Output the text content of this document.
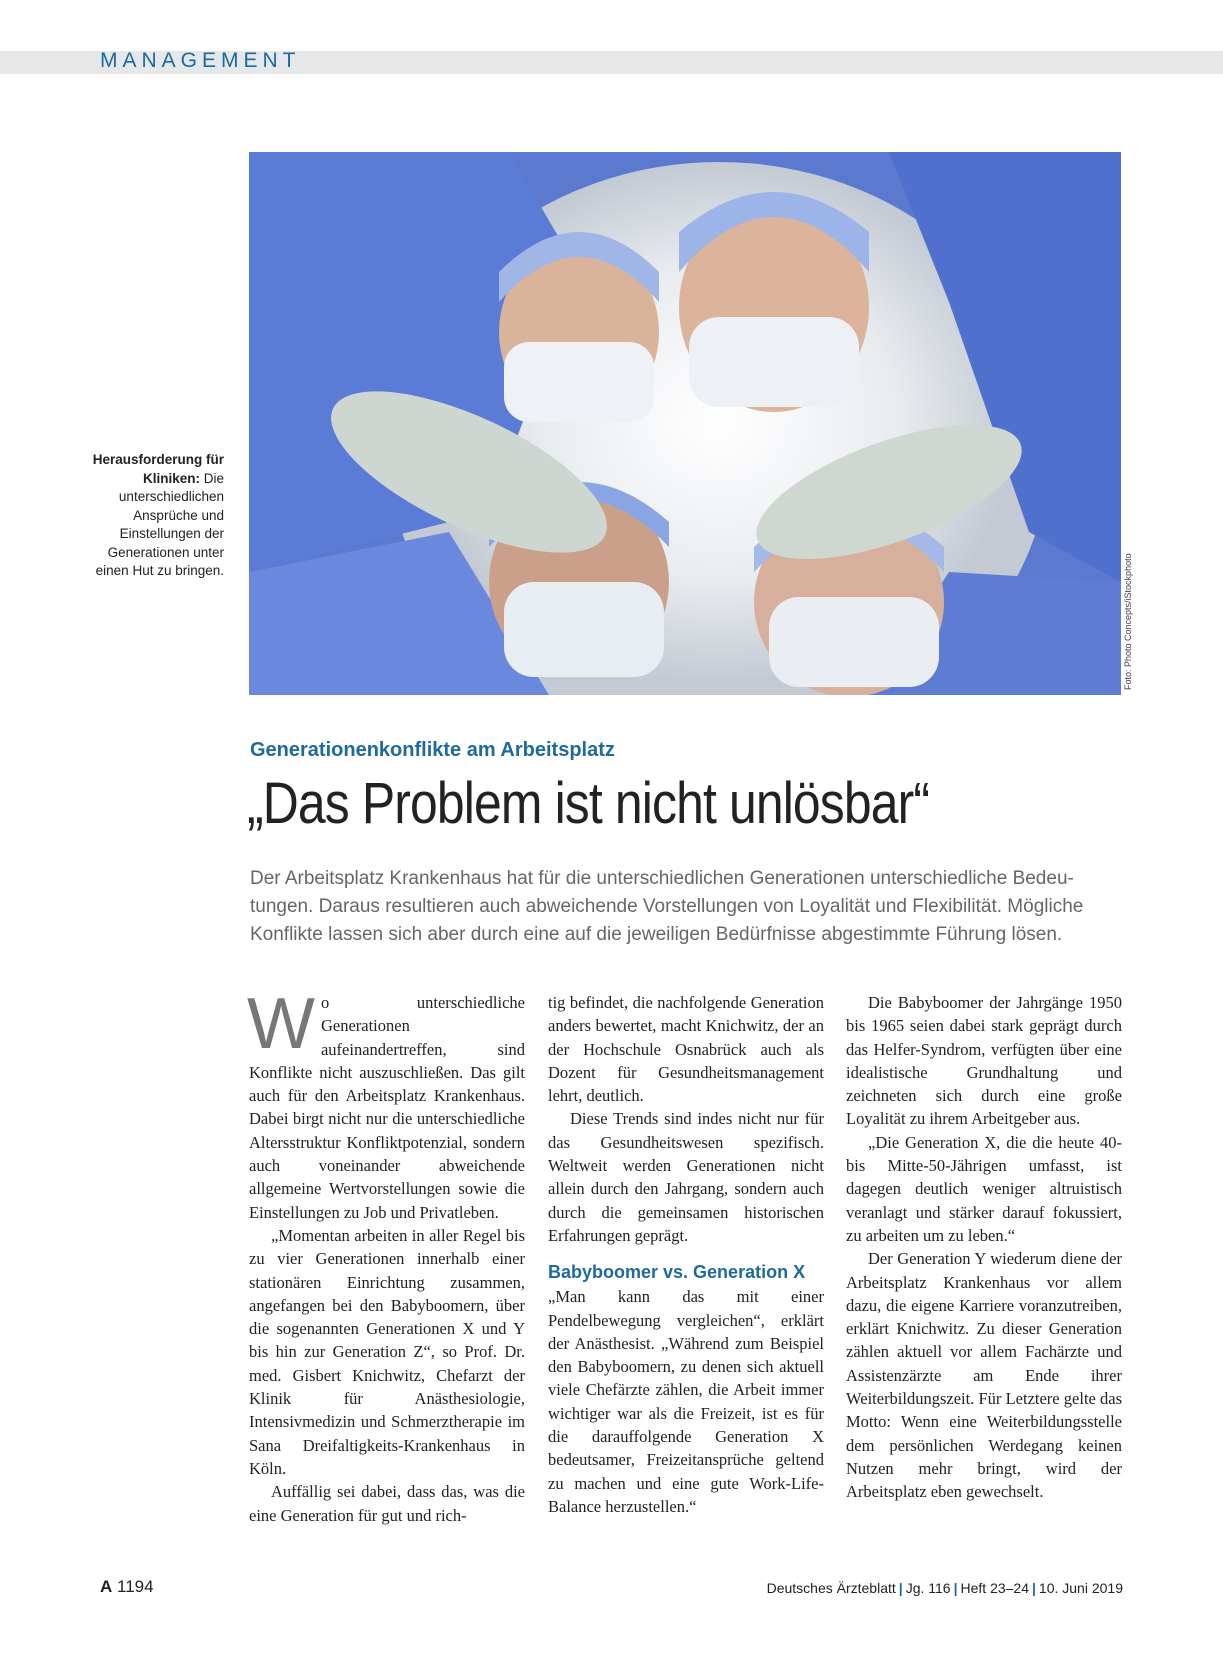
MANAGEMENT
Herausforderung für Kliniken: Die unterschiedlichen Ansprüche und Einstellungen der Generationen unter einen Hut zu bringen.	Foto: Photo Concepts/iStockphoto
Generationenkonflikte am Arbeitsplatz
„Das Problem ist nicht unlösbar“
Der Arbeitsplatz Krankenhaus hat für die unterschiedlichen Generationen unterschiedliche Bedeu-
tungen. Daraus resultieren auch abweichende Vorstellungen von Loyalität und Flexibilität. Mögliche
Konflikte lassen sich aber durch eine auf die jeweiligen Bedürfnisse abgestimmte Führung lösen.

Wo unterschiedliche Generationen aufeinandertreffen, sind Konflikte nicht auszuschließen. Das gilt auch für den Arbeitsplatz Krankenhaus. Dabei birgt nicht nur die unterschiedliche Altersstruktur Konfliktpotenzial, sondern auch voneinander abweichende allgemeine Wertvorstellungen sowie die Einstellungen zu Job und Privatleben.

„Momentan arbeiten in aller Regel bis zu vier Generationen innerhalb einer stationären Einrichtung zusammen, angefangen bei den Babyboomern, über die sogenannten Generationen X und Y bis hin zur Generation Z“, so Prof. Dr. med. Gisbert Knichwitz, Chefarzt der Klinik für Anästhesiologie, Intensivmedizin und Schmerztherapie im Sana Dreifaltigkeits-Krankenhaus in Köln.

Auffällig sei dabei, dass das, was die eine Generation für gut und rich-

tig befindet, die nachfolgende Generation anders bewertet, macht Knichwitz, der an der Hochschule Osnabrück auch als Dozent für Gesundheitsmanagement lehrt, deutlich.

Diese Trends sind indes nicht nur für das Gesundheitswesen spezifisch. Weltweit werden Generationen nicht allein durch den Jahrgang, sondern auch durch die gemeinsamen historischen Erfahrungen geprägt.

Babyboomer vs. Generation X

„Man kann das mit einer Pendelbewegung vergleichen“, erklärt der Anästhesist. „Während zum Beispiel den Babyboomern, zu denen sich aktuell viele Chefärzte zählen, die Arbeit immer wichtiger war als die Freizeit, ist es für die darauffolgende Generation X bedeutsamer, Freizeitansprüche geltend zu machen und eine gute Work-Life-Balance herzustellen.“

Die Babyboomer der Jahrgänge 1950 bis 1965 seien dabei stark geprägt durch das Helfer-Syndrom, verfügten über eine idealistische Grundhaltung und zeichneten sich durch eine große Loyalität zu ihrem Arbeitgeber aus.

„Die Generation X, die die heute 40- bis Mitte-50-Jährigen umfasst, ist dagegen deutlich weniger altruistisch veranlagt und stärker darauf fokussiert, zu arbeiten um zu leben.“

Der Generation Y wiederum diene der Arbeitsplatz Krankenhaus vor allem dazu, die eigene Karriere voranzutreiben, erklärt Knichwitz. Zu dieser Generation zählen aktuell vor allem Fachärzte und Assistenzärzte am Ende ihrer Weiterbildungszeit. Für Letztere gelte das Motto: Wenn eine Weiterbildungsstelle dem persönlichen Werdegang keinen Nutzen mehr bringt, wird der Arbeitsplatz eben gewechselt.

A 1194	Deutsches Ärzteblatt | Jg. 116 | Heft 23–24 | 10. Juni 2019
